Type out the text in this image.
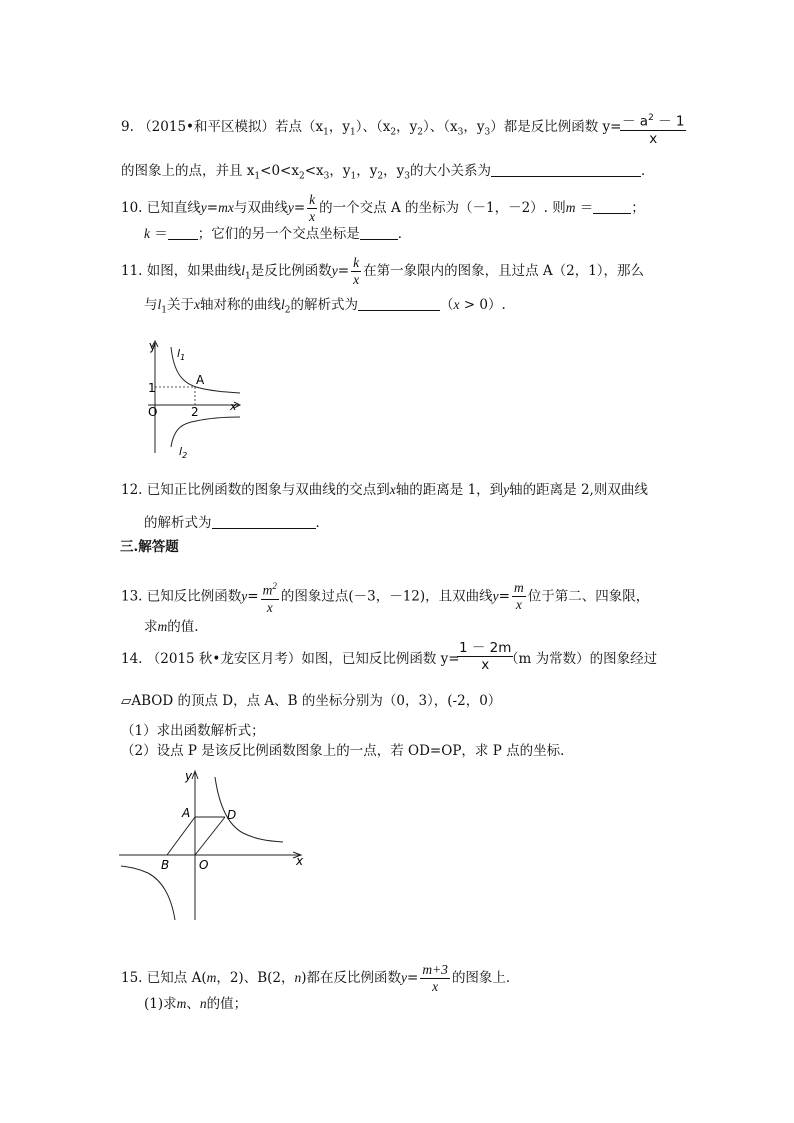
9. （2015•和平区模拟）若点（$x_1$，$y_1$）、（$x_2$，$y_2$）、（$x_3$，$y_3$）都是反比例函数 y=
$\frac{- a^2 - 1}{x}$
的图象上的点，并且 $x_1<0<x_2<x_3$，$y_1$，$y_2$，$y_3$的大小关系为	．
10. 已知直线y=mx与双曲线$y= \frac{k}{x}$ 的一个交点 A 的坐标为（－1，－2）. 则m ＝	；
k ＝ ；它们的另一个交点坐标是	．
11. 如图，如果曲线$l_1$是反比例函数$y= \frac{k}{x}$ 在第一象限内的图象，且过点 A（2，1），那么
与$l_1$关于x轴对称的曲线$l_2$的解析式为	（x > 0）.
y
$l_1$
1
A
O	2	x
$l_2$
12. 已知正比例函数的图象与双曲线的交点到x轴的距离是 1，到y轴的距离是 2,则双曲线
的解析式为	．
三.解答题
13. 已知反比例函数$y= \frac{m^2}{x}$ 的图象过点(－3，－12)，且双曲线$y= \frac{m}{x}$ 位于第二、四象限，
求m的值.
14. （2015 秋•龙安区月考）如图，已知反比例函数 y=
$\frac{1 - 2m}{x}$
（m 为常数）的图象经过
▱ABOD 的顶点 D，点 A、B 的坐标分别为（0，3），(-2，0）
（1）求出函数解析式；
（2）设点 P 是该反比例函数图象上的一点，若 OD=OP，求 P 点的坐标．
y
x
A	D
B O
15. 已知点 A(m，2)、B(2，n)都在反比例函数$y= \frac{m+3}{x}$ 的图象上．
(1)求m、n的值；
